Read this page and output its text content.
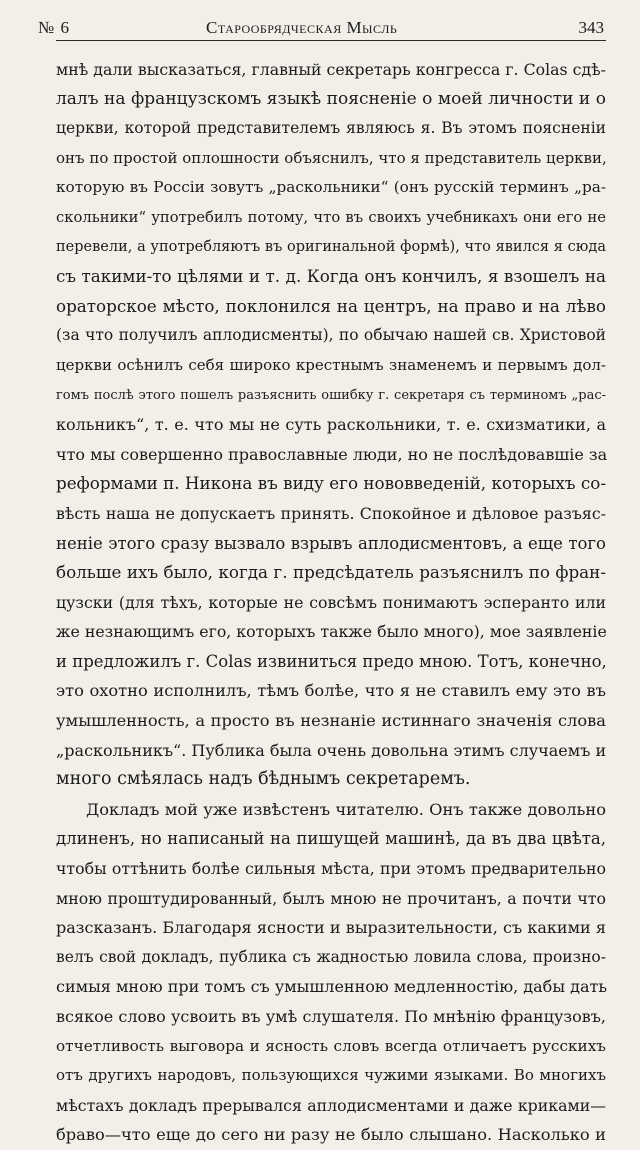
№ 6	Старообрядческая Мысль	343

мнѣ дали высказаться, главный секретарь конгресса г. Colas сдѣ-
лалъ на французскомъ языкѣ поясненіе о моей личности и о
церкви, которой представителемъ являюсь я. Въ этомъ поясненіи
онъ по простой оплошности объяснилъ, что я представитель церкви,
которую въ Россіи зовутъ „раскольники“ (онъ русскій терминъ „ра-
скольники“ употребилъ потому, что въ своихъ учебникахъ они его не
перевели, а употребляютъ въ оригинальной формѣ), что явился я сюда
съ такими-то цѣлями и т. д. Когда онъ кончилъ, я взошелъ на
ораторское мѣсто, поклонился на центръ, на право и на лѣво
(за что получилъ аплодисменты), по обычаю нашей св. Христовой
церкви осѣнилъ себя широко крестнымъ знаменемъ и первымъ дол-
гомъ послѣ этого пошелъ разъяснить ошибку г. секретаря съ терминомъ „рас-
кольникъ“, т. е. что мы не суть раскольники, т. е. схизматики, а
что мы совершенно православные люди, но не послѣдовавшіе за
реформами п. Никона въ виду его нововведеній, которыхъ со-
вѣсть наша не допускаетъ принять. Спокойное и дѣловое разъяс-
неніе этого сразу вызвало взрывъ аплодисментовъ, а еще того
больше ихъ было, когда г. предсѣдатель разъяснилъ по фран-
цузски (для тѣхъ, которые не совсѣмъ понимаютъ эсперанто или
же незнающимъ его, которыхъ также было много), мое заявленіе
и предложилъ г. Colas извиниться предо мною. Тотъ, конечно,
это охотно исполнилъ, тѣмъ болѣе, что я не ставилъ ему это въ
умышленность, а просто въ незнаніе истиннаго значенія слова
„раскольникъ“. Публика была очень довольна этимъ случаемъ и
много смѣялась надъ бѣднымъ секретаремъ.

Докладъ мой уже извѣстенъ читателю. Онъ также довольно
длиненъ, но написаный на пишущей машинѣ, да въ два цвѣта,
чтобы оттѣнить болѣе сильныя мѣста, при этомъ предварительно
мною проштудированный, былъ мною не прочитанъ, а почти что
разсказанъ. Благодаря ясности и выразительности, съ какими я
велъ свой докладъ, публика съ жадностью ловила слова, произно-
симыя мною при томъ съ умышленною медленностію, дабы дать
всякое слово усвоить въ умѣ слушателя. По мнѣнію французовъ,
отчетливость выговора и ясность словъ всегда отличаетъ русскихъ
отъ другихъ народовъ, пользующихся чужими языками. Во многихъ
мѣстахъ докладъ прерывался аплодисментами и даже криками—
браво—что еще до сего ни разу не было слышано. Насколько и
